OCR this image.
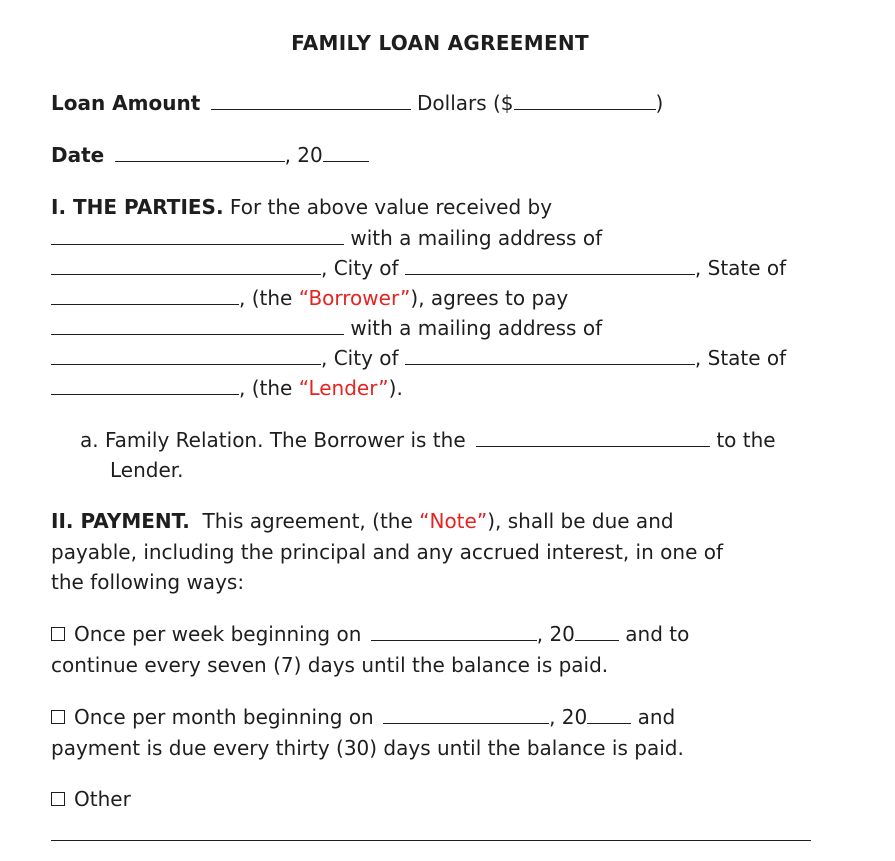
FAMILY LOAN AGREEMENT
Loan Amount	Dollars ($	)
Date	, 20
I. THE PARTIES. For the above value received by
with a mailing address of
, City of	, State of
, (the “Borrower”), agrees to pay
with a mailing address of
, City of	, State of
, (the “Lender”).
a. Family Relation. The Borrower is the	to the
Lender.
II. PAYMENT. This agreement, (the “Note”), shall be due and
payable, including the principal and any accrued interest, in one of
the following ways:
Once per week beginning on	, 20	and to
continue every seven (7) days until the balance is paid.
Once per month beginning on	, 20	and
payment is due every thirty (30) days until the balance is paid.
Other
